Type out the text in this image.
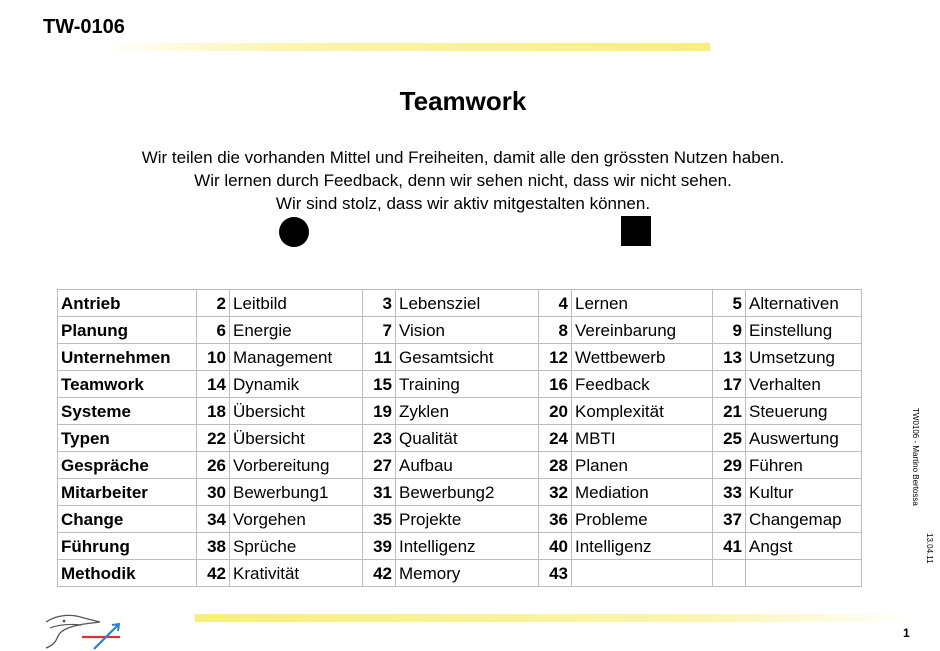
TW-0106
Teamwork
Wir teilen die vorhanden Mittel und Freiheiten, damit alle den grössten Nutzen haben.
Wir lernen durch Feedback, denn wir sehen nicht, dass wir nicht sehen.
Wir sind stolz, dass wir aktiv mitgestalten können.
Antrieb	2	Leitbild	3	Lebensziel	4	Lernen	5	Alternativen
Planung	6	Energie	7	Vision	8	Vereinbarung	9	Einstellung
Unternehmen	10	Management	11	Gesamtsicht	12	Wettbewerb	13	Umsetzung
Teamwork	14	Dynamik	15	Training	16	Feedback	17	Verhalten
Systeme	18	Übersicht	19	Zyklen	20	Komplexität	21	Steuerung
Typen	22	Übersicht	23	Qualität	24	MBTI	25	Auswertung
Gespräche	26	Vorbereitung	27	Aufbau	28	Planen	29	Führen
Mitarbeiter	30	Bewerbung1	31	Bewerbung2	32	Mediation	33	Kultur
Change	34	Vorgehen	35	Projekte	36	Probleme	37	Changemap
Führung	38	Sprüche	39	Intelligenz	40	Intelligenz	41	Angst
Methodik	42	Krativität	42	Memory	43			
TW0106 - Martino Bertossa
13.04.11
1
